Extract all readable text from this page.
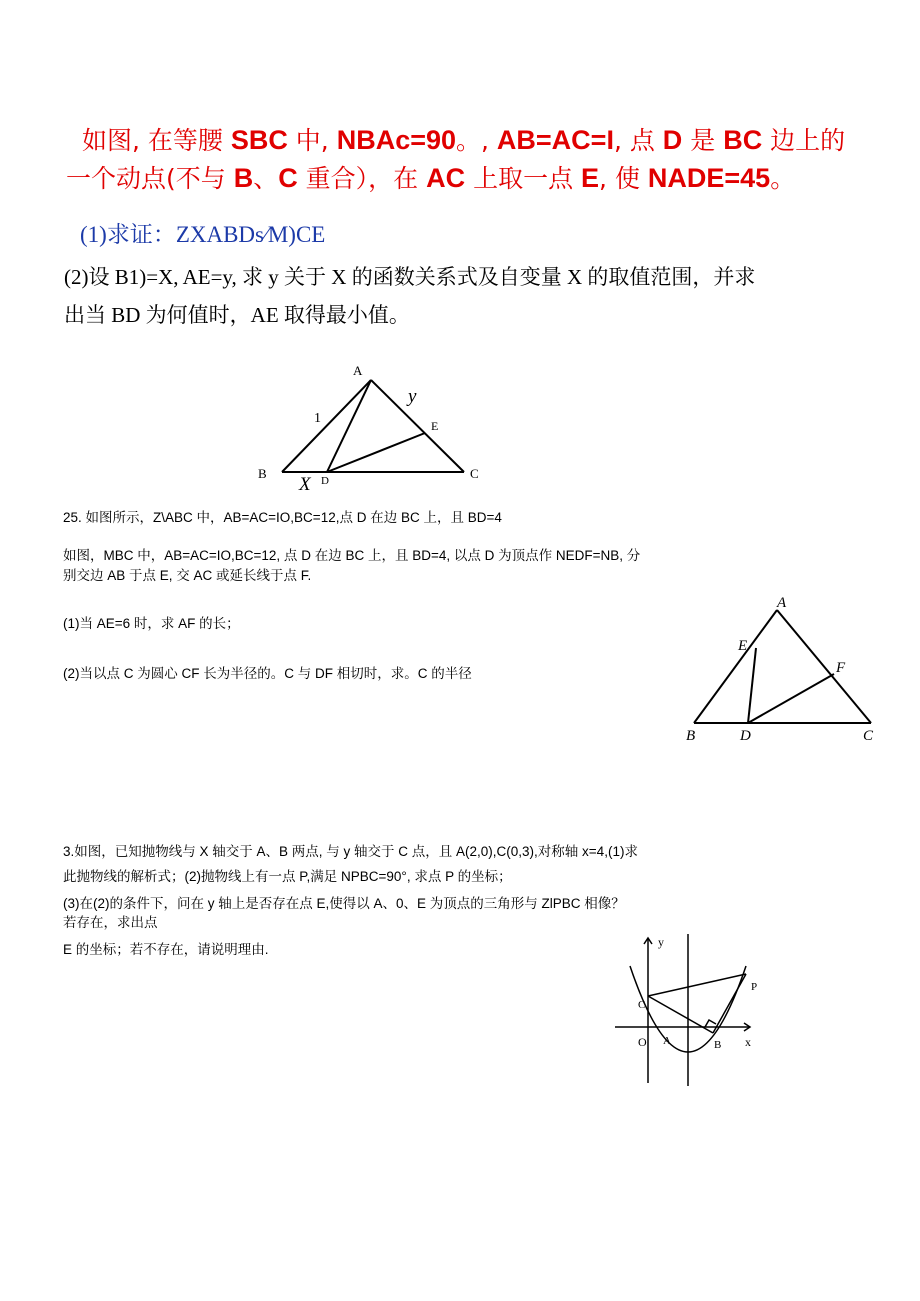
如图, 在等腰 SBC 中, NBAc=90。, AB=AC=I, 点 D 是 BC 边上的
一个动点(不与 B、C 重合），在 AC 上取一点 E, 使 NADE=45。
(1)求证：ZXABDs⁄M)CE
(2)设 B1)=X, AE=y, 求 y 关于 X 的函数关系式及自变量 X 的取值范围，并求
出当 BD 为何值时，AE 取得最小值。
A
B	C
D
E
1
y
X
25. 如图所示，Z\ABC 中，AB=AC=IO,BC=12,点 D 在边 BC 上，且 BD=4
如图，MBC 中，AB=AC=IO,BC=12, 点 D 在边 BC 上，且 BD=4, 以点 D 为顶点作 NEDF=NB, 分
别交边 AB 于点 E, 交 AC 或延长线于点 F.
(1)当 AE=6 时，求 AF 的长；
(2)当以点 C 为圆心 CF 长为半径的。C 与 DF 相切时，求。C 的半径
A
E
F
B	D	C
3.如图，已知抛物线与 X 轴交于 A、B 两点, 与 y 轴交于 C 点，且 A(2,0),C(0,3),对称轴 x=4,(1)求
此抛物线的解析式；(2)抛物线上有一点 P,满足 NPBC=90°, 求点 P 的坐标；
(3)在(2)的条件下，问在 y 轴上是否存在点 E,使得以 A、0、E 为顶点的三角形与 ZlPBC 相像？
若存在，求出点
E 的坐标；若不存在，请说明理由.	y
x
C
O A	B
P
